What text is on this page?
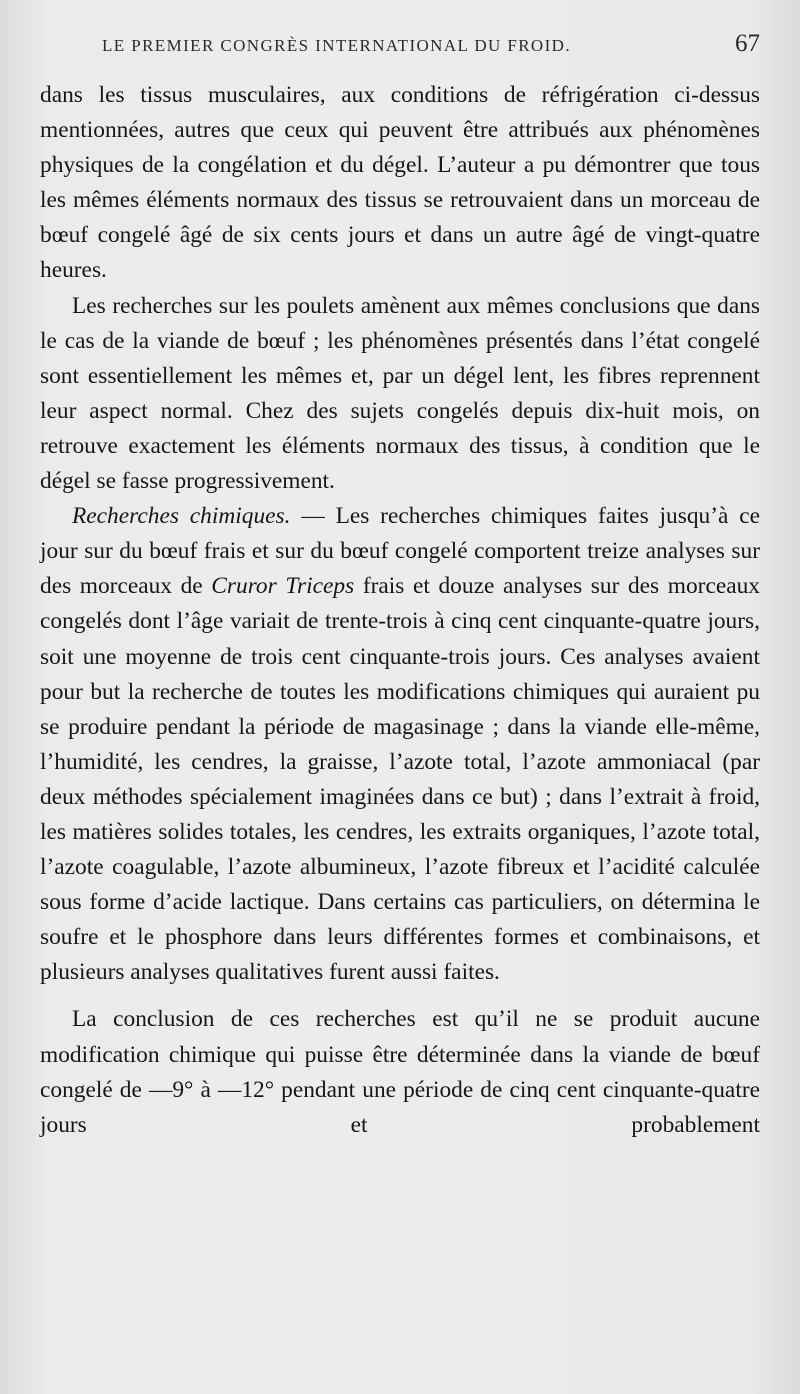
LE PREMIER CONGRÈS INTERNATIONAL DU FROID.	67

dans les tissus musculaires, aux conditions de réfrigération ci-dessus mentionnées, autres que ceux qui peuvent être attribués aux phénomènes physiques de la congélation et du dégel. L’auteur a pu démontrer que tous les mêmes éléments normaux des tissus se retrouvaient dans un morceau de bœuf congelé âgé de six cents jours et dans un autre âgé de vingt-quatre heures.

Les recherches sur les poulets amènent aux mêmes conclusions que dans le cas de la viande de bœuf ; les phénomènes présentés dans l’état congelé sont essentiellement les mêmes et, par un dégel lent, les fibres reprennent leur aspect normal. Chez des sujets congelés depuis dix-huit mois, on retrouve exactement les éléments normaux des tissus, à condition que le dégel se fasse progressivement.

Recherches chimiques. — Les recherches chimiques faites jusqu’à ce jour sur du bœuf frais et sur du bœuf congelé comportent treize analyses sur des morceaux de Cruror Triceps frais et douze analyses sur des morceaux congelés dont l’âge variait de trente-trois à cinq cent cinquante-quatre jours, soit une moyenne de trois cent cinquante-trois jours. Ces analyses avaient pour but la recherche de toutes les modifications chimiques qui auraient pu se produire pendant la période de magasinage ; dans la viande elle-même, l’humidité, les cendres, la graisse, l’azote total, l’azote ammoniacal (par deux méthodes spécialement imaginées dans ce but) ; dans l’extrait à froid, les matières solides totales, les cendres, les extraits organiques, l’azote total, l’azote coagulable, l’azote albumineux, l’azote fibreux et l’acidité calculée sous forme d’acide lactique. Dans certains cas particuliers, on détermina le soufre et le phosphore dans leurs différentes formes et combinaisons, et plusieurs analyses qualitatives furent aussi faites.

La conclusion de ces recherches est qu’il ne se produit aucune modification chimique qui puisse être déterminée dans la viande de bœuf congelé de —9° à —12° pendant une période de cinq cent cinquante-quatre jours et probablement
